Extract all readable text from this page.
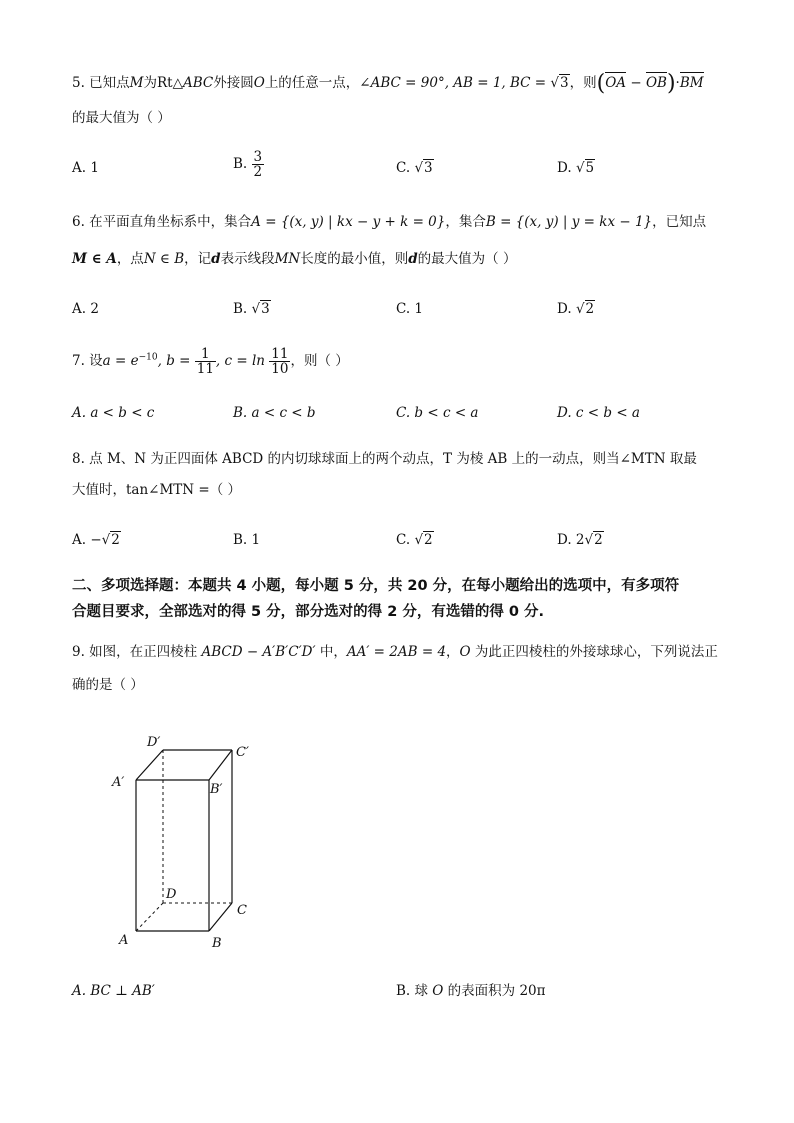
5. 已知点M为Rt△ABC外接圆O上的任意一点，∠ABC = 90°, AB = 1, BC = √3，则(OA − OB)·BM
的最大值为（ ）
A. 1	B. $\frac{3}{2}$	C. √3	D. √5
6. 在平面直角坐标系中，集合A = {(x, y) | kx − y + k = 0}，集合B = {(x, y) | y = kx − 1}，已知点
M ∈ A，点N ∈ B，记d表示线段MN长度的最小值，则d的最大值为（ ）
A. 2	B. √3	C. 1	D. √2
7. 设$a = e^{-10}$, $b = \frac{1}{11}$ , $c = \ln \frac{11}{10}$ ，则（ ）
A. a < b < c	B. a < c < b	C. b < c < a	D. c < b < a
8. 点 M、N 为正四面体 ABCD 的内切球球面上的两个动点，T 为棱 AB 上的一动点，则当∠MTN 取最
大值时，tan∠MTN =（ ）
A. −√2	B. 1	C. √2	D. 2√2
二、多项选择题：本题共 4 小题，每小题 5 分，共 20 分，在每小题给出的选项中，有多项符
合题目要求，全部选对的得 5 分，部分选对的得 2 分，有选错的得 0 分.
9. 如图，在正四棱柱 ABCD − A′B′C′D′ 中，AA′ = 2AB = 4，O 为此正四棱柱的外接球球心，下列说法正
确的是（ ）
D′
C′
A′	B′
D
C
A	B
A. BC ⊥ AB′	B. 球 O 的表面积为 20π
